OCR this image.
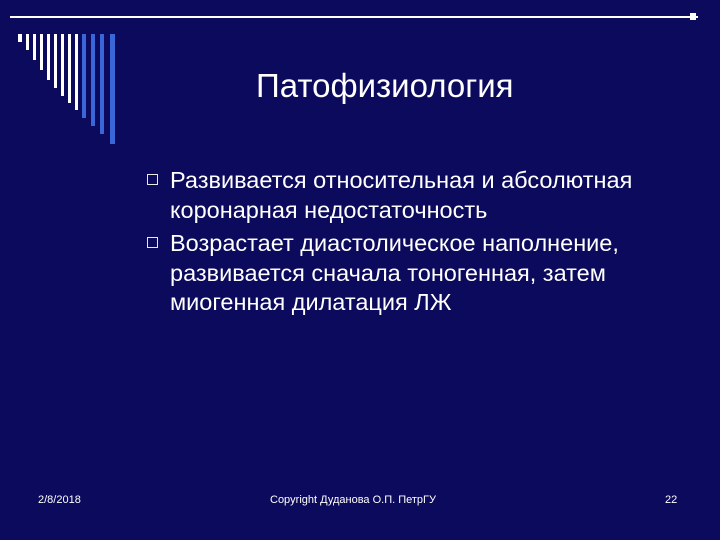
Патофизиология
Развивается относительная и абсолютная коронарная недостаточность
Возрастает диастолическое наполнение, развивается сначала тоногенная, затем миогенная дилатация ЛЖ
2/8/2018	Copyright Дуданова О.П. ПетрГУ	22
